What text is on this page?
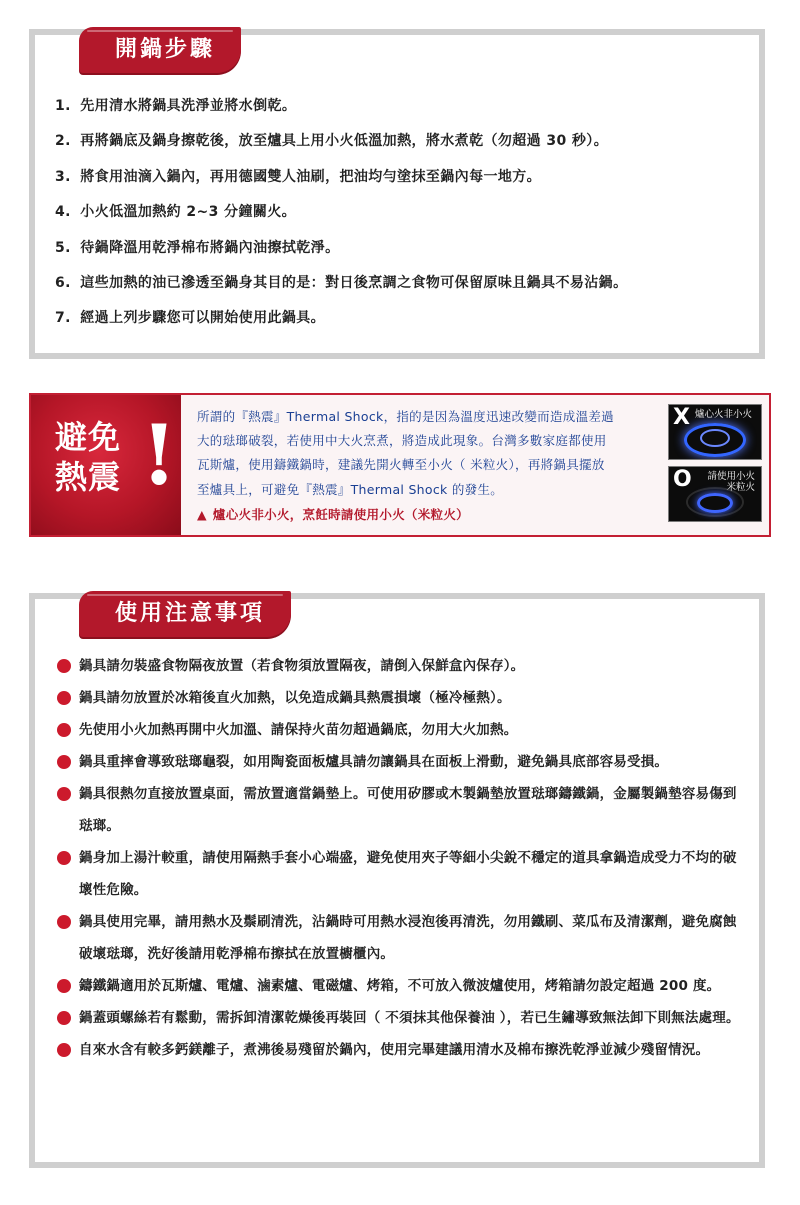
開鍋步驟
1. 先用清水將鍋具洗淨並將水倒乾。
2. 再將鍋底及鍋身擦乾後，放至爐具上用小火低溫加熱，將水煮乾（勿超過 30 秒）。
3. 將食用油滴入鍋內，再用德國雙人油刷，把油均勻塗抹至鍋內每一地方。
4. 小火低溫加熱約 2~3 分鐘關火。
5. 待鍋降溫用乾淨棉布將鍋內油擦拭乾淨。
6. 這些加熱的油已滲透至鍋身其目的是：對日後烹調之食物可保留原味且鍋具不易沾鍋。
7. 經過上列步驟您可以開始使用此鍋具。
避免
熱震 ! 所謂的『熱震』Thermal Shock，指的是因為溫度迅速改變而造成溫差過
大的琺瑯破裂，若使用中大火烹煮，將造成此現象。台灣多數家庭都使用
瓦斯爐，使用鑄鐵鍋時，建議先開火轉至小火（ 米粒火），再將鍋具擺放
至爐具上，可避免『熱震』Thermal Shock 的發生。
▲ 爐心火非小火，烹飪時請使用小火（米粒火）
X 爐心火非小火
O	請使用小火
米粒火
使用注意事項
鍋具請勿裝盛食物隔夜放置（若食物須放置隔夜，請倒入保鮮盒內保存）。
鍋具請勿放置於冰箱後直火加熱，以免造成鍋具熱震損壞（極冷極熱）。
先使用小火加熱再開中火加溫、請保持火苗勿超過鍋底，勿用大火加熱。
鍋具重摔會導致琺瑯龜裂，如用陶瓷面板爐具請勿讓鍋具在面板上滑動，避免鍋具底部容易受損。
鍋具很熱勿直接放置桌面，需放置適當鍋墊上。可使用矽膠或木製鍋墊放置琺瑯鑄鐵鍋，金屬製鍋墊容易傷到琺瑯。
鍋身加上湯汁較重，請使用隔熱手套小心端盛，避免使用夾子等細小尖銳不穩定的道具拿鍋造成受力不均的破壞性危險。
鍋具使用完畢，請用熱水及鬃刷清洗，沾鍋時可用熱水浸泡後再清洗，勿用鐵刷、菜瓜布及清潔劑，避免腐蝕破壞琺瑯，洗好後請用乾淨棉布擦拭在放置櫥櫃內。
鑄鐵鍋適用於瓦斯爐、電爐、滷素爐、電磁爐、烤箱，不可放入微波爐使用，烤箱請勿設定超過 200 度。
鍋蓋頭螺絲若有鬆動，需拆卸清潔乾燥後再裝回（ 不須抹其他保養油 ），若已生鏽導致無法卸下則無法處理。
自來水含有較多鈣鎂離子，煮沸後易殘留於鍋內，使用完畢建議用清水及棉布擦洗乾淨並減少殘留情況。
